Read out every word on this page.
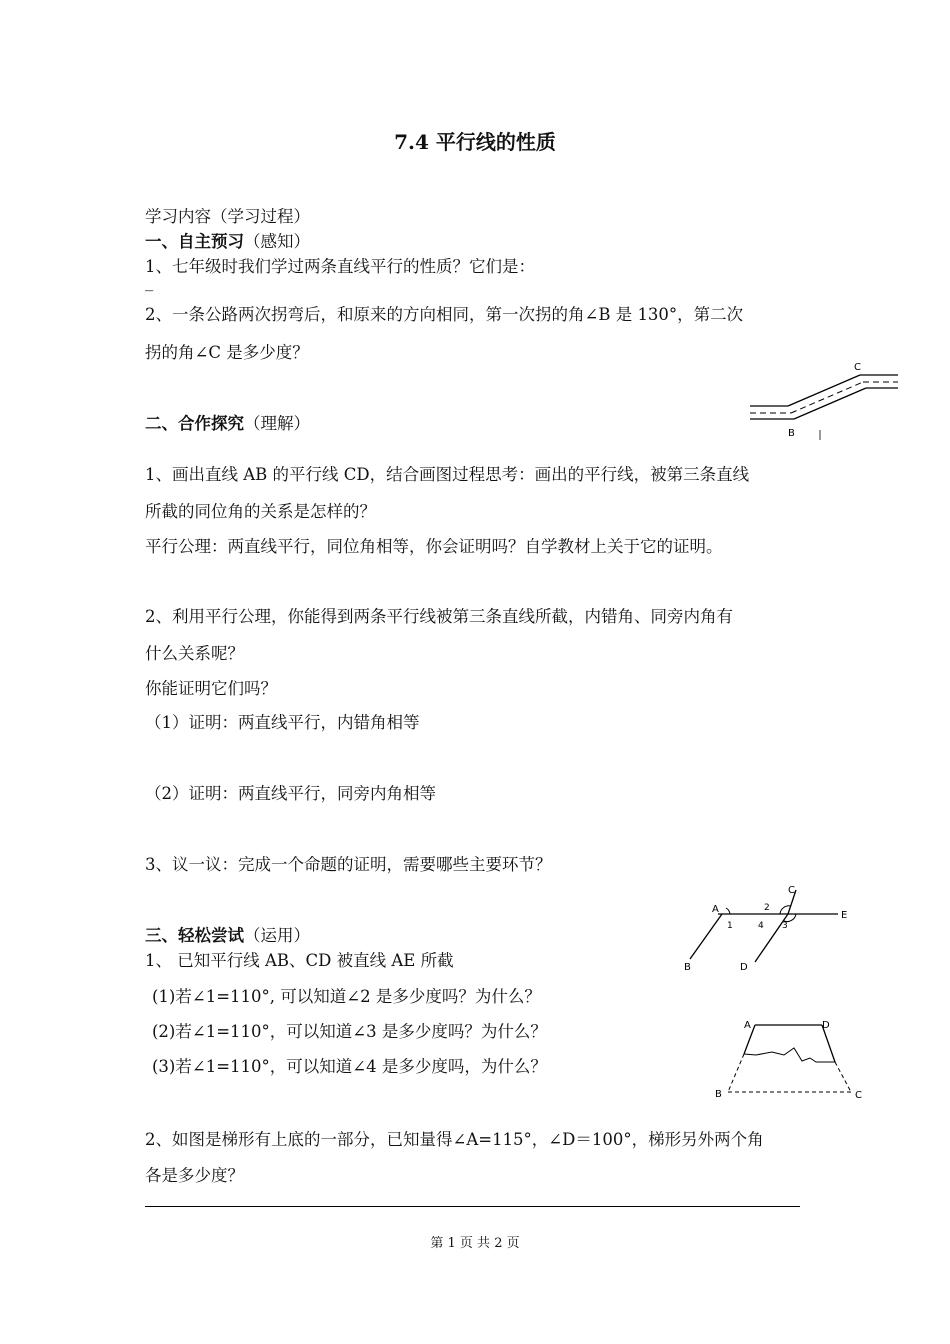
7.4 平行线的性质
学习内容（学习过程）
一、自主预习（感知）
1、七年级时我们学过两条直线平行的性质？它们是：
_
2、一条公路两次拐弯后，和原来的方向相同，第一次拐的角∠B 是 130°，第二次
拐的角∠C 是多少度？
B
C
二、合作探究（理解）
1、画出直线 AB 的平行线 CD，结合画图过程思考：画出的平行线，被第三条直线
所截的同位角的关系是怎样的？
平行公理：两直线平行，同位角相等，你会证明吗？自学教材上关于它的证明。
2、利用平行公理，你能得到两条平行线被第三条直线所截，内错角、同旁内角有
什么关系呢？
你能证明它们吗？
（1）证明：两直线平行，内错角相等
（2）证明：两直线平行，同旁内角相等
3、议一议：完成一个命题的证明，需要哪些主要环节？
三、轻松尝试（运用）
1、 已知平行线 AB、CD 被直线 AE 所截
(1)若∠1=110°, 可以知道∠2 是多少度吗？为什么？
(2)若∠1=110°，可以知道∠3 是多少度吗？为什么？
(3)若∠1=110°，可以知道∠4 是多少度吗，为什么？
2、如图是梯形有上底的一部分，已知量得∠A=115°，∠D＝100°，梯形另外两个角
各是多少度？
A
B
C
D
E
1
2
3
4
A	D
B	C
第 1 页 共 2 页
